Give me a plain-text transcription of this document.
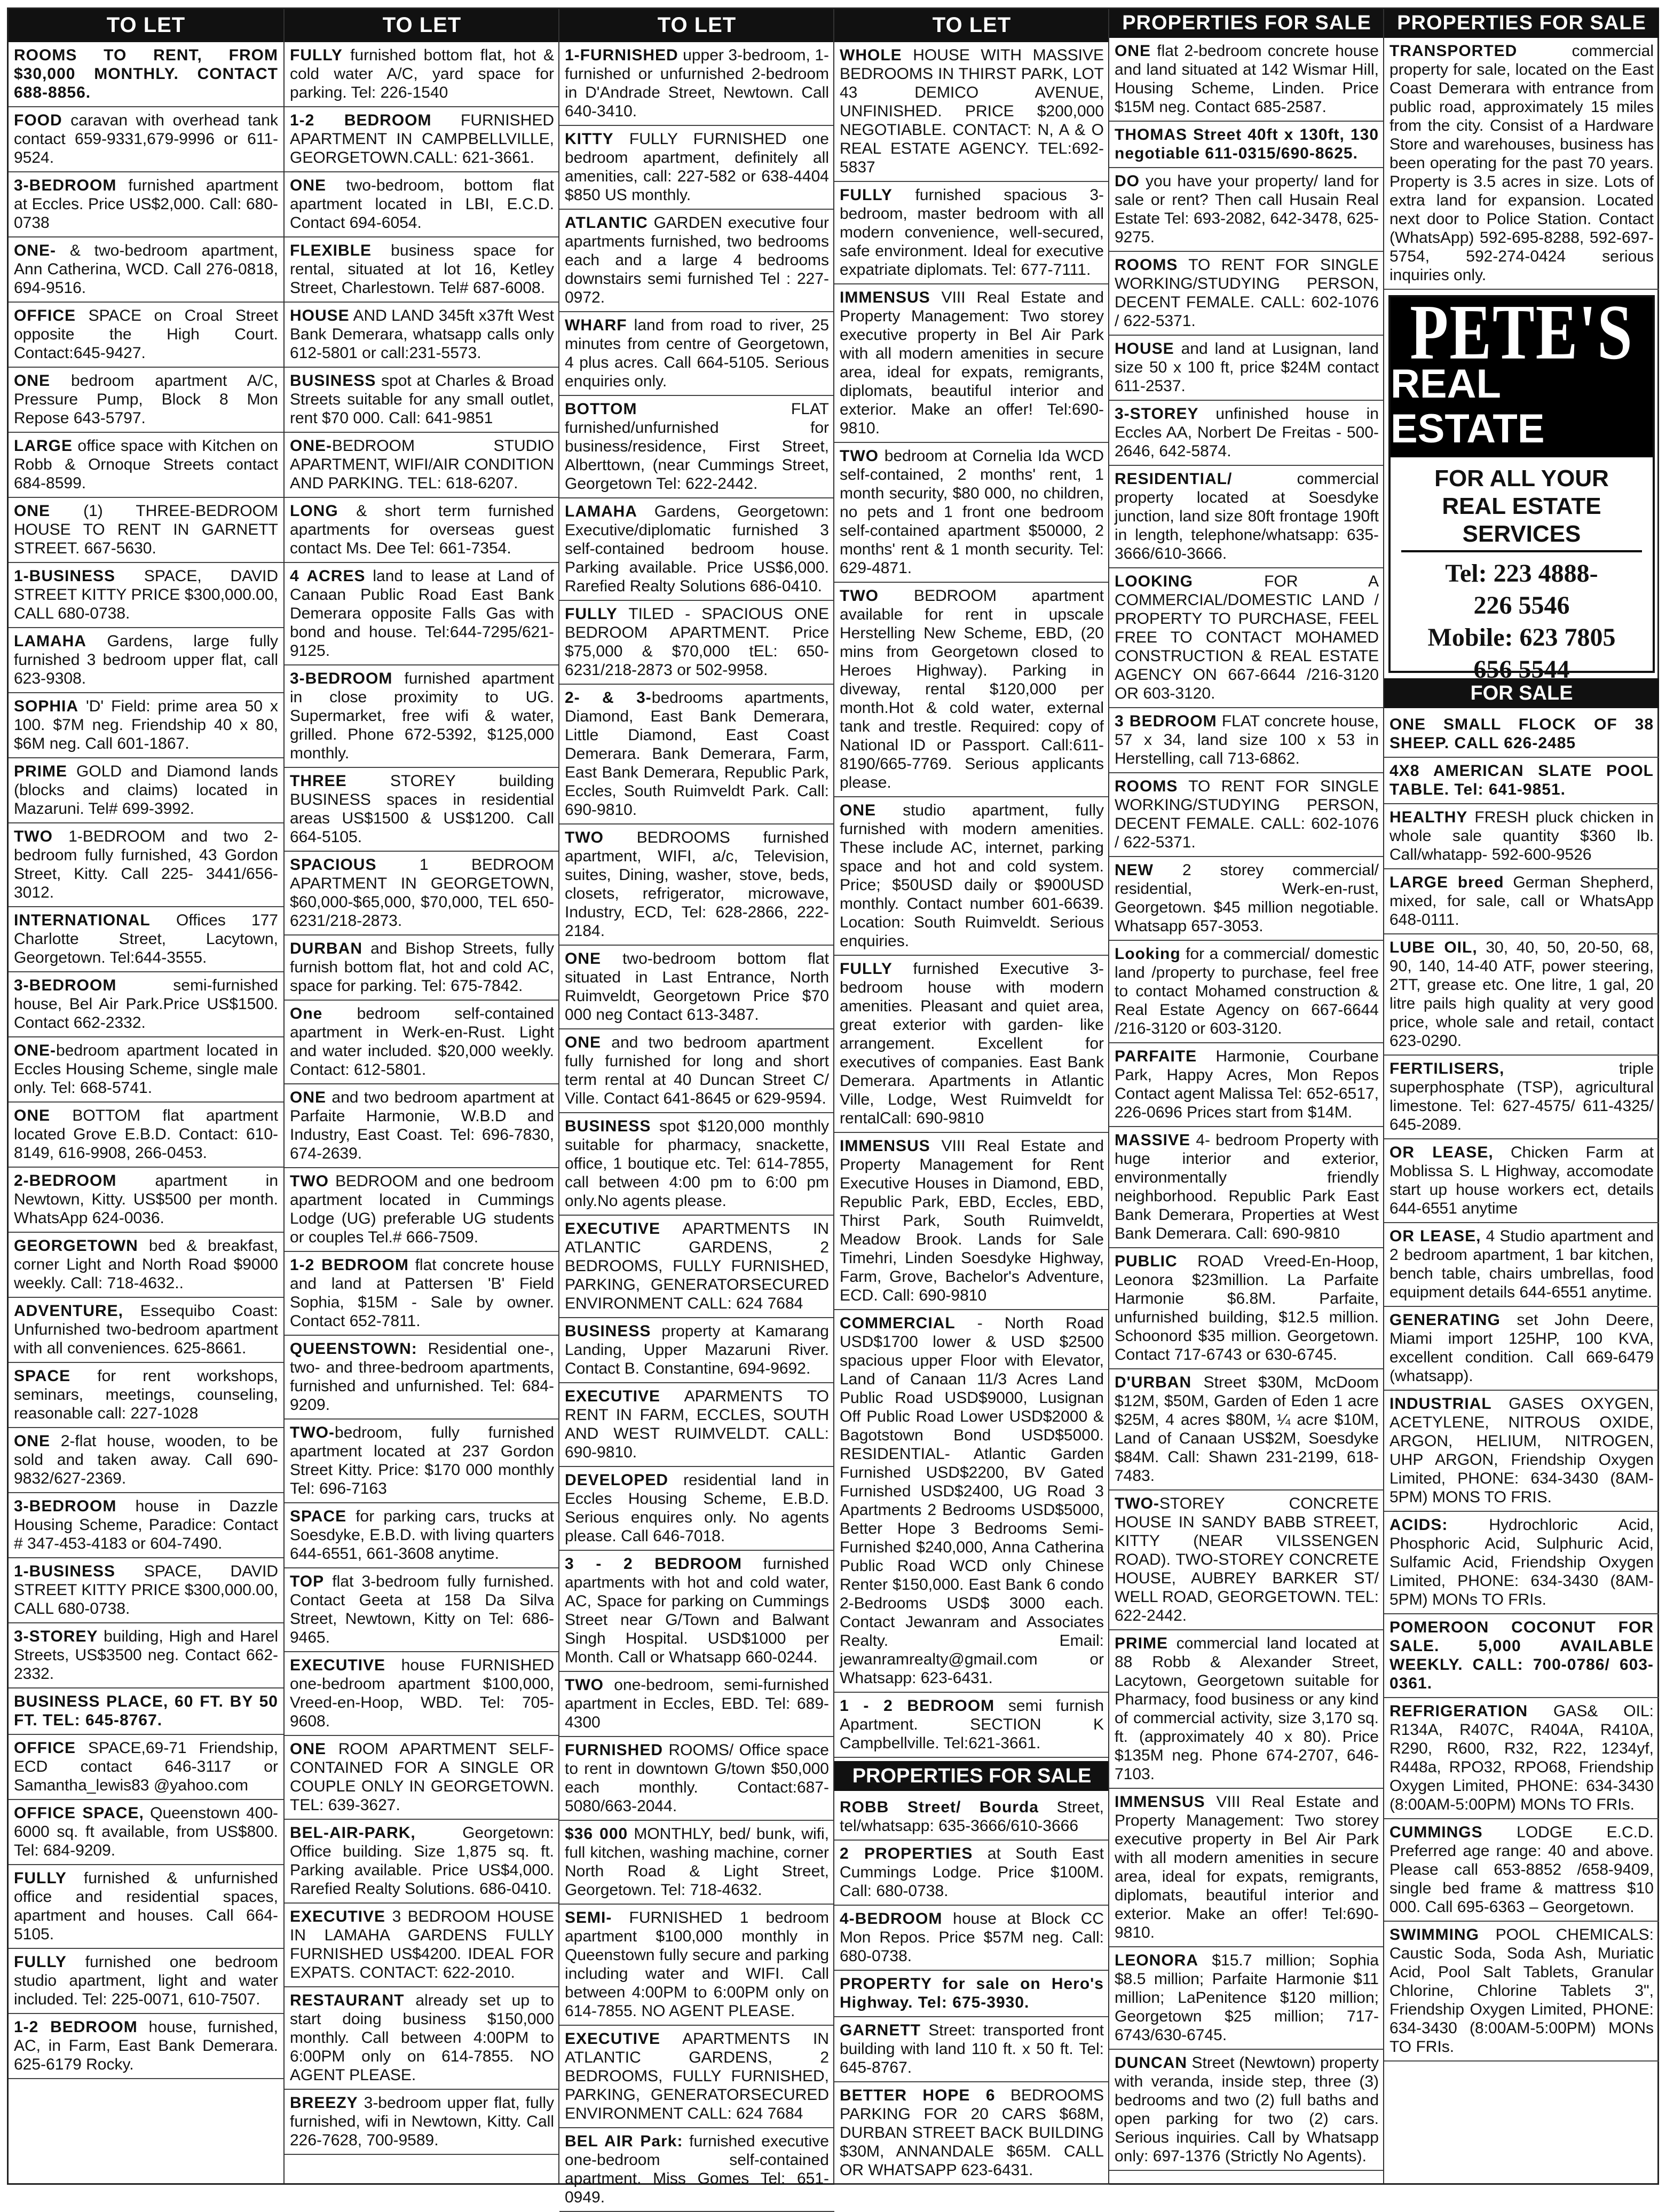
TO LET
ROOMS TO RENT, FROM $30,000 MONTHLY. CONTACT 688-8856.
FOOD caravan with overhead tank contact 659-9331,679-9996 or 611-9524.
3-BEDROOM furnished apartment at Eccles. Price US$2,000. Call: 680-0738
ONE- & two-bedroom apartment, Ann Catherina, WCD. Call 276-0818, 694-9516.
OFFICE SPACE on Croal Street opposite the High Court. Contact:645-9427.
ONE bedroom apartment A/C, Pressure Pump, Block 8 Mon Repose 643-5797.
LARGE office space with Kitchen on Robb & Ornoque Streets contact 684-8599.
ONE (1) THREE-BEDROOM HOUSE TO RENT IN GARNETT STREET. 667-5630.
1-BUSINESS SPACE, DAVID STREET KITTY PRICE $300,000.00, CALL 680-0738.
LAMAHA Gardens, large fully furnished 3 bedroom upper flat, call 623-9308.
SOPHIA 'D' Field: prime area 50 x 100. $7M neg. Friendship 40 x 80, $6M neg. Call 601-1867.
PRIME GOLD and Diamond lands (blocks and claims) located in Mazaruni. Tel# 699-3992.
TWO 1-BEDROOM and two 2-bedroom fully furnished, 43 Gordon Street, Kitty. Call 225- 3441/656-3012.
INTERNATIONAL Offices 177 Charlotte Street, Lacytown, Georgetown. Tel:644-3555.
3-BEDROOM semi-furnished house, Bel Air Park.Price US$1500. Contact 662-2332.
ONE-bedroom apartment located in Eccles Housing Scheme, single male only. Tel: 668-5741.
ONE BOTTOM flat apartment located Grove E.B.D. Contact: 610-8149, 616-9908, 266-0453.
2-BEDROOM apartment in Newtown, Kitty. US$500 per month. WhatsApp 624-0036.
GEORGETOWN bed & breakfast, corner Light and North Road $9000 weekly. Call: 718-4632..
ADVENTURE, Essequibo Coast: Unfurnished two-bedroom apartment with all conveniences. 625-8661.
SPACE for rent workshops, seminars, meetings, counseling, reasonable call: 227-1028
ONE 2-flat house, wooden, to be sold and taken away. Call 690-9832/627-2369.
3-BEDROOM house in Dazzle Housing Scheme, Paradice: Contact # 347-453-4183 or 604-7490.
1-BUSINESS SPACE, DAVID STREET KITTY PRICE $300,000.00, CALL 680-0738.
3-STOREY building, High and Harel Streets, US$3500 neg. Contact 662-2332.
BUSINESS PLACE, 60 FT. BY 50 FT. TEL: 645-8767.
OFFICE SPACE,69-71 Friendship, ECD contact 646-3117 or Samantha_lewis83 @yahoo.com
OFFICE SPACE, Queenstown 400-6000 sq. ft available, from US$800. Tel: 684-9209.
FULLY furnished & unfurnished office and residential spaces, apartment and houses. Call 664-5105.
FULLY furnished one bedroom studio apartment, light and water included. Tel: 225-0071, 610-7507.
1-2 BEDROOM house, furnished, AC, in Farm, East Bank Demerara. 625-6179 Rocky.
TO LET
FULLY furnished bottom flat, hot & cold water A/C, yard space for parking. Tel: 226-1540
1-2 BEDROOM FURNISHED APARTMENT IN CAMPBELLVILLE, GEORGETOWN.CALL: 621-3661.
ONE two-bedroom, bottom flat apartment located in LBI, E.C.D. Contact 694-6054.
FLEXIBLE business space for rental, situated at lot 16, Ketley Street, Charlestown. Tel# 687-6008.
HOUSE AND LAND 345ft x37ft West Bank Demerara, whatsapp calls only 612-5801 or call:231-5573.
BUSINESS spot at Charles & Broad Streets suitable for any small outlet, rent $70 000. Call: 641-9851
ONE-BEDROOM STUDIO APARTMENT, WIFI/AIR CONDITION AND PARKING. TEL: 618-6207.
LONG & short term furnished apartments for overseas guest contact Ms. Dee Tel: 661-7354.
4 ACRES land to lease at Land of Canaan Public Road East Bank Demerara opposite Falls Gas with bond and house. Tel:644-7295/621-9125.
3-BEDROOM furnished apartment in close proximity to UG. Supermarket, free wifi & water, grilled. Phone 672-5392, $125,000 monthly.
THREE STOREY building BUSINESS spaces in residential areas US$1500 & US$1200. Call 664-5105.
SPACIOUS 1 BEDROOM APARTMENT IN GEORGETOWN, $60,000-$65,000, $70,000, TEL 650-6231/218-2873.
DURBAN and Bishop Streets, fully furnish bottom flat, hot and cold AC, space for parking. Tel: 675-7842.
One bedroom self-contained apartment in Werk-en-Rust. Light and water included. $20,000 weekly. Contact: 612-5801.
ONE and two bedroom apartment at Parfaite Harmonie, W.B.D and Industry, East Coast. Tel: 696-7830, 674-2639.
TWO BEDROOM and one bedroom apartment located in Cummings Lodge (UG) preferable UG students or couples Tel.# 666-7509.
1-2 BEDROOM flat concrete house and land at Pattersen 'B' Field Sophia, $15M - Sale by owner. Contact 652-7811.
QUEENSTOWN: Residential one-, two- and three-bedroom apartments, furnished and unfurnished. Tel: 684-9209.
TWO-bedroom, fully furnished apartment located at 237 Gordon Street Kitty. Price: $170 000 monthly Tel: 696-7163
SPACE for parking cars, trucks at Soesdyke, E.B.D. with living quarters 644-6551, 661-3608 anytime.
TOP flat 3-bedroom fully furnished. Contact Geeta at 158 Da Silva Street, Newtown, Kitty on Tel: 686-9465.
EXECUTIVE house FURNISHED one-bedroom apartment $100,000, Vreed-en-Hoop, WBD. Tel: 705-9608.
ONE ROOM APARTMENT SELF-CONTAINED FOR A SINGLE OR COUPLE ONLY IN GEORGETOWN. TEL: 639-3627.
BEL-AIR-PARK, Georgetown: Office building. Size 1,875 sq. ft. Parking available. Price US$4,000. Rarefied Realty Solutions. 686-0410.
EXECUTIVE 3 BEDROOM HOUSE IN LAMAHA GARDENS FULLY FURNISHED US$4200. IDEAL FOR EXPATS. CONTACT: 622-2010.
RESTAURANT already set up to start doing business $150,000 monthly. Call between 4:00PM to 6:00PM only on 614-7855. NO AGENT PLEASE.
BREEZY 3-bedroom upper flat, fully furnished, wifi in Newtown, Kitty. Call 226-7628, 700-9589.
TO LET
1-FURNISHED upper 3-bedroom, 1-furnished or unfurnished 2-bedroom in D'Andrade Street, Newtown. Call 640-3410.
KITTY FULLY FURNISHED one bedroom apartment, definitely all amenities, call: 227-582 or 638-4404 $850 US monthly.
ATLANTIC GARDEN executive four apartments furnished, two bedrooms each and a large 4 bedrooms downstairs semi furnished Tel : 227-0972.
WHARF land from road to river, 25 minutes from centre of Georgetown, 4 plus acres. Call 664-5105. Serious enquiries only.
BOTTOM FLAT furnished/unfurnished for business/residence, First Street, Alberttown, (near Cummings Street, Georgetown Tel: 622-2442.
LAMAHA Gardens, Georgetown: Executive/diplomatic furnished 3 self-contained bedroom house. Parking available. Price US$6,000. Rarefied Realty Solutions 686-0410.
FULLY TILED - SPACIOUS ONE BEDROOM APARTMENT. Price $75,000 & $70,000 tEL: 650-6231/218-2873 or 502-9958.
2- & 3-bedrooms apartments, Diamond, East Bank Demerara, Little Diamond, East Coast Demerara. Bank Demerara, Farm, East Bank Demerara, Republic Park, Eccles, South Ruimveldt Park. Call: 690-9810.
TWO BEDROOMS furnished apartment, WIFI, a/c, Television, suites, Dining, washer, stove, beds, closets, refrigerator, microwave, Industry, ECD, Tel: 628-2866, 222-2184.
ONE two-bedroom bottom flat situated in Last Entrance, North Ruimveldt, Georgetown Price $70 000 neg Contact 613-3487.
ONE and two bedroom apartment fully furnished for long and short term rental at 40 Duncan Street C/ Ville. Contact 641-8645 or 629-9594.
BUSINESS spot $120,000 monthly suitable for pharmacy, snackette, office, 1 boutique etc. Tel: 614-7855, call between 4:00 pm to 6:00 pm only.No agents please.
EXECUTIVE APARTMENTS IN ATLANTIC GARDENS, 2 BEDROOMS, FULLY FURNISHED, PARKING, GENERATORSECURED ENVIRONMENT CALL: 624 7684
BUSINESS property at Kamarang Landing, Upper Mazaruni River. Contact B. Constantine, 694-9692.
EXECUTIVE APARMENTS TO RENT IN FARM, ECCLES, SOUTH AND WEST RUIMVELDT. CALL: 690-9810.
DEVELOPED residential land in Eccles Housing Scheme, E.B.D. Serious enquires only. No agents please. Call 646-7018.
3 - 2 BEDROOM furnished apartments with hot and cold water, AC, Space for parking on Cummings Street near G/Town and Balwant Singh Hospital. USD$1000 per Month. Call or Whatsapp 660-0244.
TWO one-bedroom, semi-furnished apartment in Eccles, EBD. Tel: 689-4300
FURNISHED ROOMS/ Office space to rent in downtown G/town $50,000 each monthly. Contact:687-5080/663-2044.
$36 000 MONTHLY, bed/ bunk, wifi, full kitchen, washing machine, corner North Road & Light Street, Georgetown. Tel: 718-4632.
SEMI- FURNISHED 1 bedroom apartment $100,000 monthly in Queenstown fully secure and parking including water and WIFI. Call between 4:00PM to 6:00PM only on 614-7855. NO AGENT PLEASE.
EXECUTIVE APARTMENTS IN ATLANTIC GARDENS, 2 BEDROOMS, FULLY FURNISHED, PARKING, GENERATORSECURED ENVIRONMENT CALL: 624 7684
BEL AIR Park: furnished executive one-bedroom self-contained apartment. Miss Gomes Tel: 651-0949.
TO LET
WHOLE HOUSE WITH MASSIVE BEDROOMS IN THIRST PARK, LOT 43 DEMICO AVENUE, UNFINISHED. PRICE $200,000 NEGOTIABLE. CONTACT: N, A & O REAL ESTATE AGENCY. TEL:692-5837
FULLY furnished spacious 3-bedroom, master bedroom with all modern convenience, well-secured, safe environment. Ideal for executive expatriate diplomats. Tel: 677-7111.
IMMENSUS VIII Real Estate and Property Management: Two storey executive property in Bel Air Park with all modern amenities in secure area, ideal for expats, remigrants, diplomats, beautiful interior and exterior. Make an offer! Tel:690-9810.
TWO bedroom at Cornelia Ida WCD self-contained, 2 months' rent, 1 month security, $80 000, no children, no pets and 1 front one bedroom self-contained apartment $50000, 2 months' rent & 1 month security. Tel: 629-4871.
TWO BEDROOM apartment available for rent in upscale Herstelling New Scheme, EBD, (20 mins from Georgetown closed to Heroes Highway). Parking in diveway, rental $120,000 per month.Hot & cold water, external tank and trestle. Required: copy of National ID or Passport. Call:611-8190/665-7769. Serious applicants please.
ONE studio apartment, fully furnished with modern amenities. These include AC, internet, parking space and hot and cold system. Price; $50USD daily or $900USD monthly. Contact number 601-6639. Location: South Ruimveldt. Serious enquiries.
FULLY furnished Executive 3-bedroom house with modern amenities. Pleasant and quiet area, great exterior with garden- like arrangement. Excellent for executives of companies. East Bank Demerara. Apartments in Atlantic Ville, Lodge, West Ruimveldt for rentalCall: 690-9810
IMMENSUS VIII Real Estate and Property Management for Rent Executive Houses in Diamond, EBD, Republic Park, EBD, Eccles, EBD, Thirst Park, South Ruimveldt, Meadow Brook. Lands for Sale Timehri, Linden Soesdyke Highway, Farm, Grove, Bachelor's Adventure, ECD. Call: 690-9810
COMMERCIAL - North Road USD$1700 lower & USD $2500 spacious upper Floor with Elevator, Land of Canaan 11/3 Acres Land Public Road USD$9000, Lusignan Off Public Road Lower USD$2000 & Bagotstown Bond USD$5000. RESIDENTIAL- Atlantic Garden Furnished USD$2200, BV Gated Furnished USD$2400, UG Road 3 Apartments 2 Bedrooms USD$5000, Better Hope 3 Bedrooms Semi-Furnished $240,000, Anna Catherina Public Road WCD only Chinese Renter $150,000. East Bank 6 condo 2-Bedrooms USD$ 3000 each. Contact Jewanram and Associates Realty. Email: jewanramrealty@gmail.com or Whatsapp: 623-6431.
1 - 2 BEDROOM semi furnish Apartment. SECTION K Campbellville. Tel:621-3661.
PROPERTIES FOR SALE
ROBB Street/ Bourda Street, tel/whatsapp: 635-3666/610-3666
2 PROPERTIES at South East Cummings Lodge. Price $100M. Call: 680-0738.
4-BEDROOM house at Block CC Mon Repos. Price $57M neg. Call: 680-0738.
PROPERTY for sale on Hero's Highway. Tel: 675-3930.
GARNETT Street: transported front building with land 110 ft. x 50 ft. Tel: 645-8767.
BETTER HOPE 6 BEDROOMS PARKING FOR 20 CARS $68M, DURBAN STREET BACK BUILDING $30M, ANNANDALE $65M. CALL OR WHATSAPP 623-6431.
PROPERTIES FOR SALE
ONE flat 2-bedroom concrete house and land situated at 142 Wismar Hill, Housing Scheme, Linden. Price $15M neg. Contact 685-2587.
THOMAS Street 40ft x 130ft, 130 negotiable 611-0315/690-8625.
DO you have your property/ land for sale or rent? Then call Husain Real Estate Tel: 693-2082, 642-3478, 625-9275.
ROOMS TO RENT FOR SINGLE WORKING/STUDYING PERSON, DECENT FEMALE. CALL: 602-1076 / 622-5371.
HOUSE and land at Lusignan, land size 50 x 100 ft, price $24M contact 611-2537.
3-STOREY unfinished house in Eccles AA, Norbert De Freitas - 500-2646, 642-5874.
RESIDENTIAL/ commercial property located at Soesdyke junction, land size 80ft frontage 190ft in length, telephone/whatsapp: 635-3666/610-3666.
LOOKING FOR A COMMERCIAL/DOMESTIC LAND / PROPERTY TO PURCHASE, FEEL FREE TO CONTACT MOHAMED CONSTRUCTION & REAL ESTATE AGENCY ON 667-6644 /216-3120 OR 603-3120.
3 BEDROOM FLAT concrete house, 57 x 34, land size 100 x 53 in Herstelling, call 713-6862.
ROOMS TO RENT FOR SINGLE WORKING/STUDYING PERSON, DECENT FEMALE. CALL: 602-1076 / 622-5371.
NEW 2 storey commercial/ residential, Werk-en-rust, Georgetown. $45 million negotiable. Whatsapp 657-3053.
Looking for a commercial/ domestic land /property to purchase, feel free to contact Mohamed construction & Real Estate Agency on 667-6644 /216-3120 or 603-3120.
PARFAITE Harmonie, Courbane Park, Happy Acres, Mon Repos Contact agent Malissa Tel: 652-6517, 226-0696 Prices start from $14M.
MASSIVE 4- bedroom Property with huge interior and exterior, environmentally friendly neighborhood. Republic Park East Bank Demerara, Properties at West Bank Demerara. Call: 690-9810
PUBLIC ROAD Vreed-En-Hoop, Leonora $23million. La Parfaite Harmonie $6.8M. Parfaite, unfurnished building, $12.5 million. Schoonord $35 million. Georgetown. Contact 717-6743 or 630-6745.
D'URBAN Street $30M, McDoom $12M, $50M, Garden of Eden 1 acre $25M, 4 acres $80M, ¼ acre $10M, Land of Canaan US$2M, Soesdyke $84M. Call: Shawn 231-2199, 618-7483.
TWO-STOREY CONCRETE HOUSE IN SANDY BABB STREET, KITTY (NEAR VILSSENGEN ROAD). TWO-STOREY CONCRETE HOUSE, AUBREY BARKER ST/ WELL ROAD, GEORGETOWN. TEL: 622-2442.
PRIME commercial land located at 88 Robb & Alexander Street, Lacytown, Georgetown suitable for Pharmacy, food business or any kind of commercial activity, size 3,170 sq. ft. (approximately 40 x 80). Price $135M neg. Phone 674-2707, 646-7103.
IMMENSUS VIII Real Estate and Property Management: Two storey executive property in Bel Air Park with all modern amenities in secure area, ideal for expats, remigrants, diplomats, beautiful interior and exterior. Make an offer! Tel:690-9810.
LEONORA $15.7 million; Sophia $8.5 million; Parfaite Harmonie $11 million; LaPenitence $120 million; Georgetown $25 million; 717-6743/630-6745.
DUNCAN Street (Newtown) property with veranda, inside step, three (3) bedrooms and two (2) full baths and open parking for two (2) cars. Serious inquiries. Call by Whatsapp only: 697-1376 (Strictly No Agents).
PROPERTIES FOR SALE
TRANSPORTED commercial property for sale, located on the East Coast Demerara with entrance from public road, approximately 15 miles from the city. Consist of a Hardware Store and warehouses, business has been operating for the past 70 years. Property is 3.5 acres in size. Lots of extra land for expansion. Located next door to Police Station. Contact (WhatsApp) 592-695-8288, 592-697-5754, 592-274-0424 serious inquiries only.
PETE'S
REAL ESTATE
FOR ALL YOUR REAL ESTATE SERVICES
Tel: 223 4888-
226 5546
Mobile: 623 7805
656 5544
FOR SALE
ONE SMALL FLOCK OF 38 SHEEP. CALL 626-2485
4X8 AMERICAN SLATE POOL TABLE. Tel: 641-9851.
HEALTHY FRESH pluck chicken in whole sale quantity $360 lb. Call/whatapp- 592-600-9526
LARGE breed German Shepherd, mixed, for sale, call or WhatsApp 648-0111.
LUBE OIL, 30, 40, 50, 20-50, 68, 90, 140, 14-40 ATF, power steering, 2TT, grease etc. One litre, 1 gal, 20 litre pails high quality at very good price, whole sale and retail, contact 623-0290.
FERTILISERS, triple superphosphate (TSP), agricultural limestone. Tel: 627-4575/ 611-4325/ 645-2089.
OR LEASE, Chicken Farm at Moblissa S. L Highway, accomodate start up house workers ect, details 644-6551 anytime
OR LEASE, 4 Studio apartment and 2 bedroom apartment, 1 bar kitchen, bench table, chairs umbrellas, food equipment details 644-6551 anytime.
GENERATING set John Deere, Miami import 125HP, 100 KVA, excellent condition. Call 669-6479 (whatsapp).
INDUSTRIAL GASES OXYGEN, ACETYLENE, NITROUS OXIDE, ARGON, HELIUM, NITROGEN, UHP ARGON, Friendship Oxygen Limited, PHONE: 634-3430 (8AM-5PM) MONS TO FRIS.
ACIDS: Hydrochloric Acid, Phosphoric Acid, Sulphuric Acid, Sulfamic Acid, Friendship Oxygen Limited, PHONE: 634-3430 (8AM-5PM) MONs TO FRIs.
POMEROON COCONUT FOR SALE. 5,000 AVAILABLE WEEKLY. CALL: 700-0786/ 603-0361.
REFRIGERATION GAS& OIL: R134A, R407C, R404A, R410A, R290, R600, R32, R22, 1234yf, R448a, RPO32, RPO68, Friendship Oxygen Limited, PHONE: 634-3430 (8:00AM-5:00PM) MONs TO FRIs.
CUMMINGS LODGE E.C.D. Preferred age range: 40 and above. Please call 653-8852 /658-9409, single bed frame & mattress $10 000. Call 695-6363 – Georgetown.
SWIMMING POOL CHEMICALS: Caustic Soda, Soda Ash, Muriatic Acid, Pool Salt Tablets, Granular Chlorine, Chlorine Tablets 3", Friendship Oxygen Limited, PHONE: 634-3430 (8:00AM-5:00PM) MONs TO FRIs.
